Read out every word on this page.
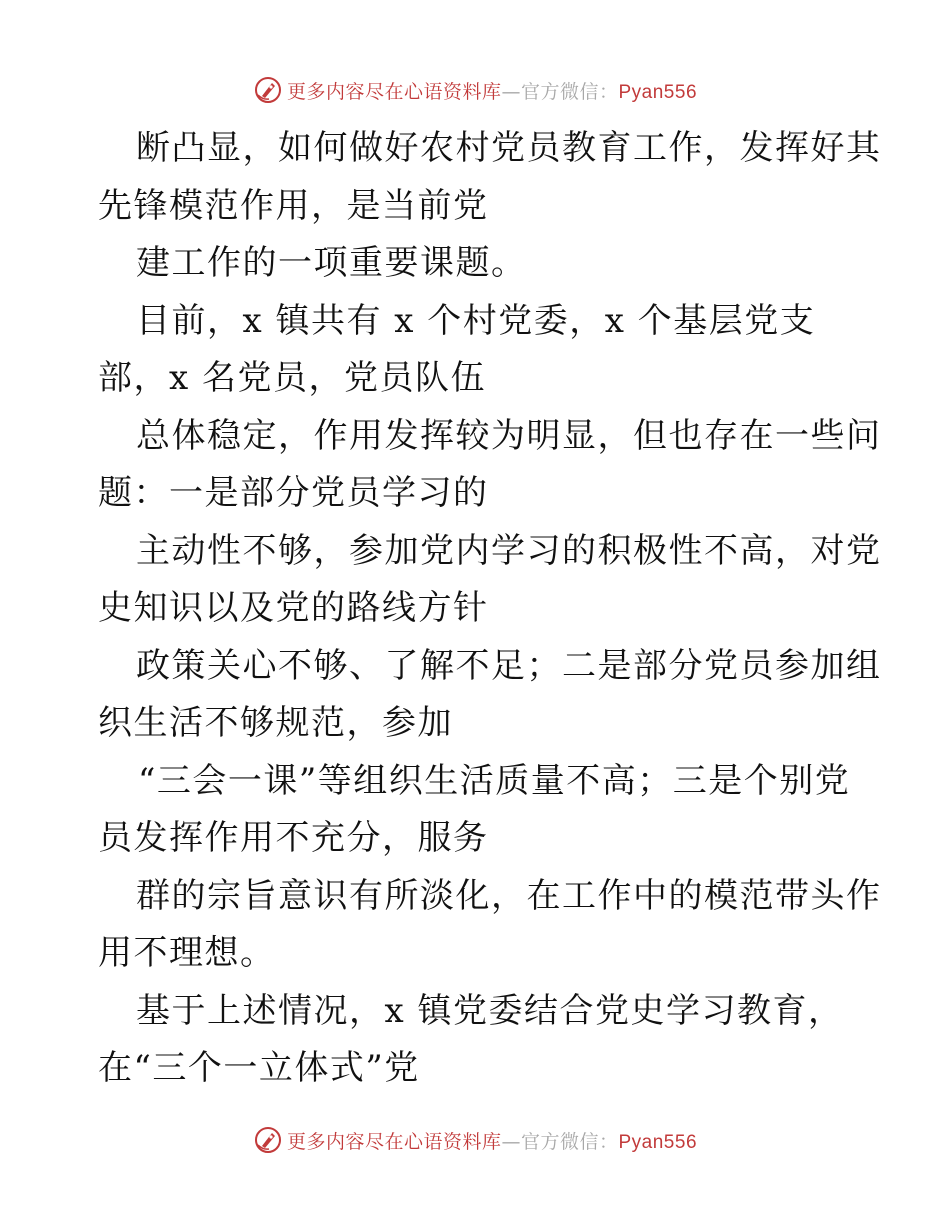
更多内容尽在心语资料库—官方微信：Pyan556
断凸显，如何做好农村党员教育工作，发挥好其
先锋模范作用，是当前党
建工作的一项重要课题。
目前，x 镇共有 x 个村党委，x 个基层党支
部，x 名党员，党员队伍
总体稳定，作用发挥较为明显，但也存在一些问
题：一是部分党员学习的
主动性不够，参加党内学习的积极性不高，对党
史知识以及党的路线方针
政策关心不够、了解不足；二是部分党员参加组
织生活不够规范，参加
“三会一课”等组织生活质量不高；三是个别党
员发挥作用不充分，服务
群的宗旨意识有所淡化，在工作中的模范带头作
用不理想。
基于上述情况，x 镇党委结合党史学习教育，
在“三个一立体式”党
更多内容尽在心语资料库—官方微信：Pyan556
